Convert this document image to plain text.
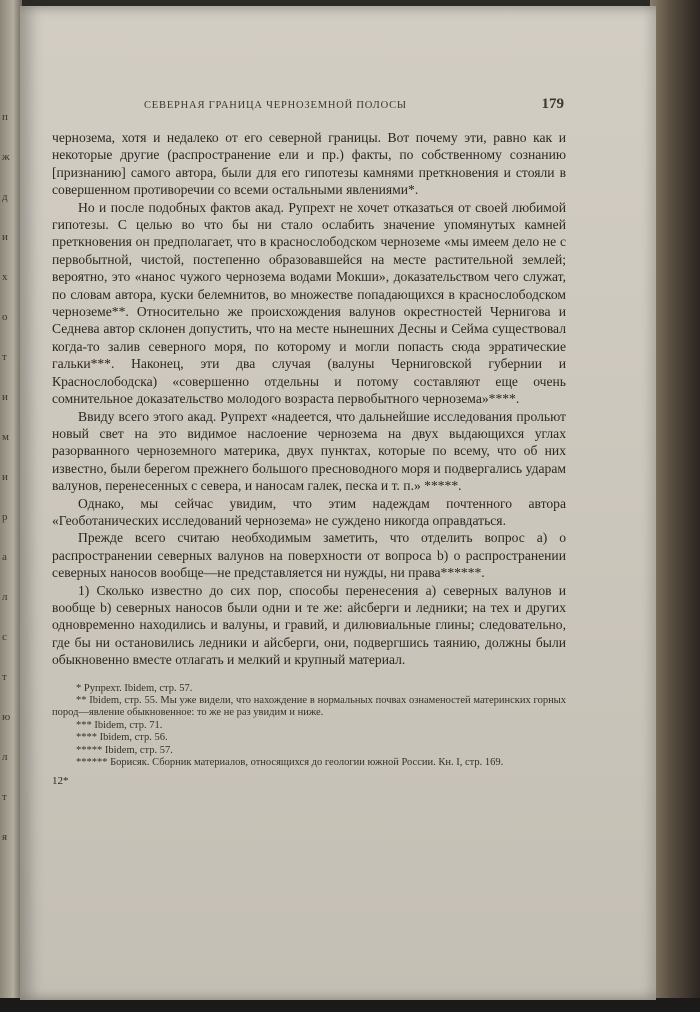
СЕВЕРНАЯ ГРАНИЦА ЧЕРНОЗЕМНОЙ ПОЛОСЫ	179

чернозема, хотя и недалеко от его северной границы. Вот почему эти, равно как и некоторые другие (распространение ели и пр.) факты, по собственному сознанию [признанию] самого автора, были для его гипотезы камнями преткновения и стояли в совершенном противоречии со всеми остальными явлениями*.

Но и после подобных фактов акад. Рупрехт не хочет отказаться от своей любимой гипотезы. С целью во что бы ни стало ослабить значение упомянутых камней преткновения он предполагает, что в краснослободском черноземе «мы имеем дело не с первобытной, чистой, постепенно образовавшейся на месте растительной землей; вероятно, это «нанос чужого чернозема водами Мокши», доказательством чего служат, по словам автора, куски белемнитов, во множестве попадающихся в краснослободском черноземе**. Относительно же происхождения валунов окрестностей Чернигова и Седнева автор склонен допустить, что на месте нынешних Десны и Сейма существовал когда-то залив северного моря, по которому и могли попасть сюда эрратические гальки***. Наконец, эти два случая (валуны Черниговской губернии и Краснослободска) «совершенно отдельны и потому составляют еще очень сомнительное доказательство молодого возраста первобытного чернозема»****.

Ввиду всего этого акад. Рупрехт «надеется, что дальнейшие исследования прольют новый свет на это видимое наслоение чернозема на двух выдающихся углах разорванного черноземного материка, двух пунктах, которые по всему, что об них известно, были берегом прежнего большого пресноводного моря и подвергались ударам валунов, перенесенных с севера, и наносам галек, песка и т. п.» *****.

Однако, мы сейчас увидим, что этим надеждам почтенного автора «Геоботанических исследований чернозема» не суждено никогда оправдаться.

Прежде всего считаю необходимым заметить, что отделить вопрос a) о распространении северных валунов на поверхности от вопроса b) о распространении северных наносов вообще—не представляется ни нужды, ни права******.

1) Сколько известно до сих пор, способы перенесения a) северных валунов и вообще b) северных наносов были одни и те же: айсберги и ледники; на тех и других одновременно находились и валуны, и гравий, и дилювиальные глины; следовательно, где бы ни остановились ледники и айсберги, они, подвергшись таянию, должны были обыкновенно вместе отлагать и мелкий и крупный материал.

* Рупрехт. Ibidem, стр. 57.
** Ibidem, стр. 55. Мы уже видели, что нахождение в нормальных почвах ознаменостей материнских горных пород—явление обыкновенное: то же не раз увидим и ниже.
*** Ibidem, стр. 71.
**** Ibidem, стр. 56.
***** Ibidem, стр. 57.
****** Борисяк. Сборник материалов, относящихся до геологии южной России. Кн. I, стр. 169.
12*
п
ж
д
и
х
о
т
и
м
и
р
а
л
с
т
ю
л
т
я
